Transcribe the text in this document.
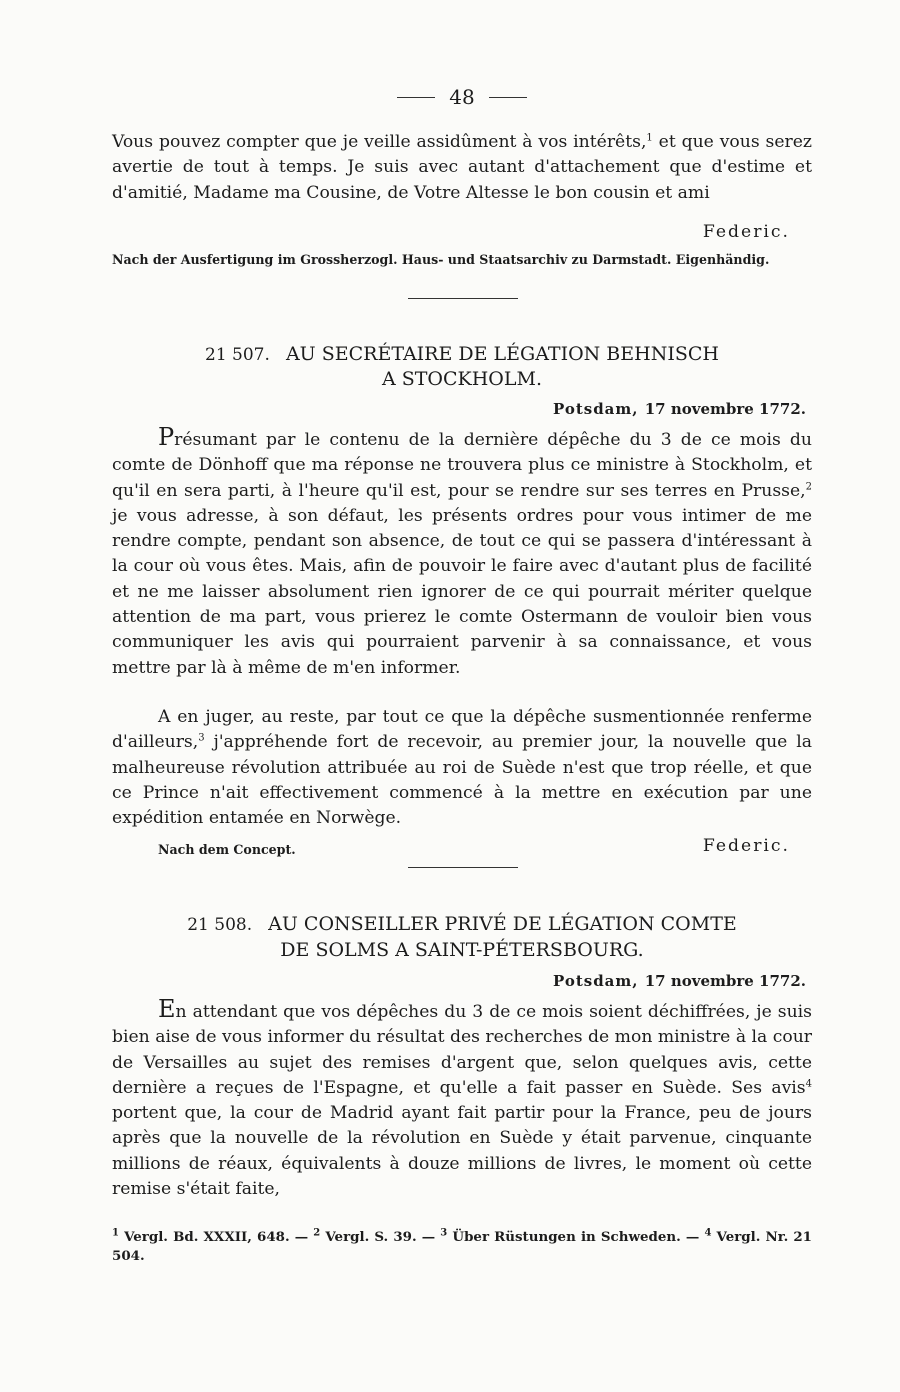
48
Vous pouvez compter que je veille assidûment à vos intérêts,$^1$ et que vous serez avertie de tout à temps. Je suis avec autant d'attachement que d'estime et d'amitié, Madame ma Cousine, de Votre Altesse le bon cousin et ami
Federic.
Nach der Ausfertigung im Grossherzogl. Haus- und Staatsarchiv zu Darmstadt. Eigenhändig.
21 507. AU SECRÉTAIRE DE LÉGATION BEHNISCH
A STOCKHOLM.
Potsdam, 17 novembre 1772.
Présumant par le contenu de la dernière dépêche du 3 de ce mois du comte de Dönhoff que ma réponse ne trouvera plus ce ministre à Stockholm, et qu'il en sera parti, à l'heure qu'il est, pour se rendre sur ses terres en Prusse,$^2$ je vous adresse, à son défaut, les présents ordres pour vous intimer de me rendre compte, pendant son absence, de tout ce qui se passera d'intéressant à la cour où vous êtes. Mais, afin de pouvoir le faire avec d'autant plus de facilité et ne me laisser absolument rien ignorer de ce qui pourrait mériter quelque attention de ma part, vous prierez le comte Ostermann de vouloir bien vous communiquer les avis qui pourraient parvenir à sa connaissance, et vous mettre par là à même de m'en informer.
A en juger, au reste, par tout ce que la dépêche susmentionnée renferme d'ailleurs,$^3$ j'appréhende fort de recevoir, au premier jour, la nouvelle que la malheureuse révolution attribuée au roi de Suède n'est que trop réelle, et que ce Prince n'ait effectivement commencé à la mettre en exécution par une expédition entamée en Norwège.
Nach dem Concept.	Federic.
21 508. AU CONSEILLER PRIVÉ DE LÉGATION COMTE
DE SOLMS A SAINT-PÉTERSBOURG.
Potsdam, 17 novembre 1772.
En attendant que vos dépêches du 3 de ce mois soient déchiffrées, je suis bien aise de vous informer du résultat des recherches de mon ministre à la cour de Versailles au sujet des remises d'argent que, selon quelques avis, cette dernière a reçues de l'Espagne, et qu'elle a fait passer en Suède. Ses avis$^4$ portent que, la cour de Madrid ayant fait partir pour la France, peu de jours après que la nouvelle de la révolution en Suède y était parvenue, cinquante millions de réaux, équivalents à douze millions de livres, le moment où cette remise s'était faite,
$^1$ Vergl. Bd. XXXII, 648. — $^2$ Vergl. S. 39. — $^3$ Über Rüstungen in Schweden. — $^4$ Vergl. Nr. 21 504.
